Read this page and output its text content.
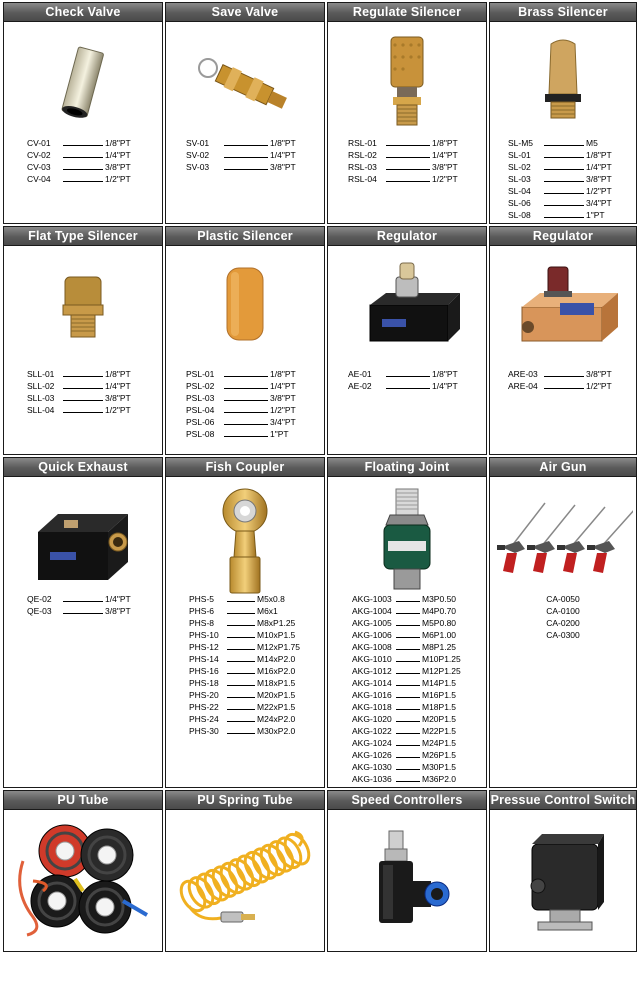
Check Valve
CV-01	1/8"PT
CV-02	1/4"PT
CV-03	3/8"PT
CV-04	1/2"PT
Save Valve
SV-01	1/8"PT
SV-02	1/4"PT
SV-03	3/8"PT
Regulate Silencer
RSL-01	1/8"PT
RSL-02	1/4"PT
RSL-03	3/8"PT
RSL-04	1/2"PT
Brass Silencer
SL-M5	M5
SL-01	1/8"PT
SL-02	1/4"PT
SL-03	3/8"PT
SL-04	1/2"PT
SL-06	3/4"PT
SL-08	1"PT
Flat Type Silencer
SLL-01	1/8"PT
SLL-02	1/4"PT
SLL-03	3/8"PT
SLL-04	1/2"PT
Plastic Silencer
PSL-01	1/8"PT
PSL-02	1/4"PT
PSL-03	3/8"PT
PSL-04	1/2"PT
PSL-06	3/4"PT
PSL-08	1"PT
Regulator
AE-01	1/8"PT
AE-02	1/4"PT
Regulator
ARE-03	3/8"PT
ARE-04	1/2"PT
Quick Exhaust
QE-02	1/4"PT
QE-03	3/8"PT
Fish Coupler
PHS-5	M5x0.8
PHS-6	M6x1
PHS-8	M8xP1.25
PHS-10	M10xP1.5
PHS-12	M12xP1.75
PHS-14	M14xP2.0
PHS-16	M16xP2.0
PHS-18	M18xP1.5
PHS-20	M20xP1.5
PHS-22	M22xP1.5
PHS-24	M24xP2.0
PHS-30	M30xP2.0
Floating Joint
AKG-1003	M3P0.50
AKG-1004	M4P0.70
AKG-1005	M5P0.80
AKG-1006	M6P1.00
AKG-1008	M8P1.25
AKG-1010	M10P1.25
AKG-1012	M12P1.25
AKG-1014	M14P1.5
AKG-1016	M16P1.5
AKG-1018	M18P1.5
AKG-1020	M20P1.5
AKG-1022	M22P1.5
AKG-1024	M24P1.5
AKG-1026	M26P1.5
AKG-1030	M30P1.5
AKG-1036	M36P2.0
Air Gun
CA-0050
CA-0100
CA-0200
CA-0300
PU Tube	PU Spring Tube	Speed Controllers	Pressue Control Switch
